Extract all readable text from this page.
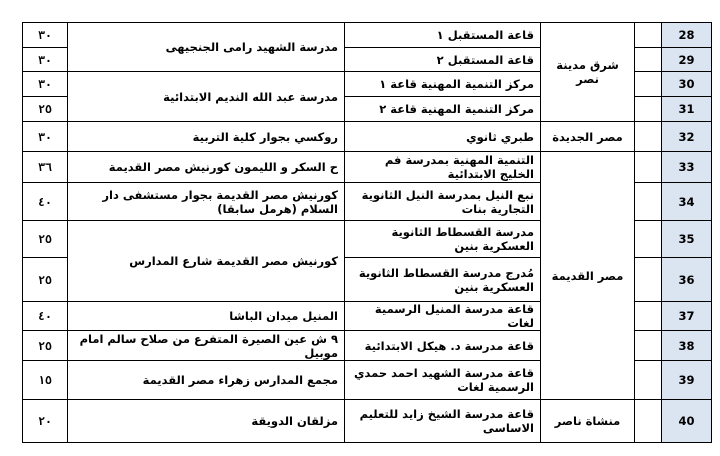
٣٠	مدرسة الشهيد رامى الجنجيهى	قاعة المستقبل ١	شرق مدينة نصر		28
٣٠		قاعة المستقبل ٢			29
٣٠	مدرسة عبد الله النديم الابتدائية	مركز التنمية المهنية قاعة ١			30
٢٥		مركز التنمية المهنية قاعة ٢			31
٣٠	روكسي بجوار كلية التربية	طبري ثانوي	مصر الجديدة		32
٣٦	ح السكر و الليمون كورنيش مصر القديمة	التنمية المهنية بمدرسة فم الخليج الابتدائية	مصر القديمة		33
٤٠	كورنيش مصر القديمة بجوار مستشفى دار السلام (هرمل سابقا)	نبع النيل بمدرسة النيل الثانوية التجارية بنات			34
٢٥	كورنيش مصر القديمة شارع المدارس	مدرسة القسطاط الثانوية العسكرية بنين			35
٢٥		مُدرج مدرسة القسطاط الثانوية العسكرية بنين			36
٤٠	المنيل ميدان الباشا	قاعة مدرسة المنيل الرسمية لغات			37
٢٥	٩ ش عين الصيرة المتفرع من صلاح سالم امام موبيل	قاعة مدرسة د. هيكل الابتدائية			38
١٥	مجمع المدارس زهراء مصر القديمة	قاعة مدرسة الشهيد احمد حمدي الرسمية لغات			39
٢٠	مزلقان الدويقة	قاعة مدرسة الشيخ زايد للتعليم الاساسى	منشاة ناصر		40
